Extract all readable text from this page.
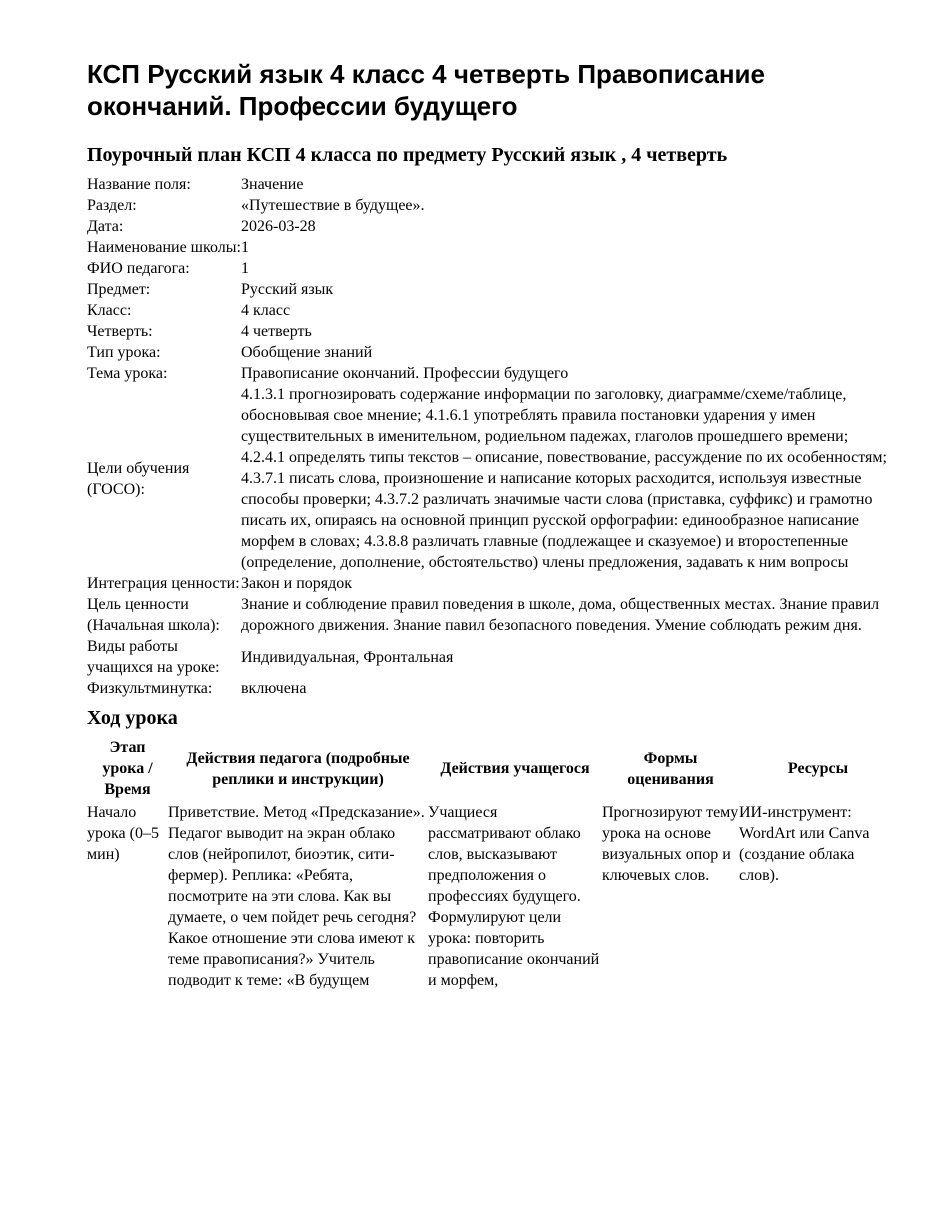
КСП Русский язык 4 класс 4 четверть Правописание окончаний. Профессии будущего
Поурочный план КСП 4 класса по предмету Русский язык , 4 четверть
Название поля:	Значение
Раздел:	«Путешествие в будущее».
Дата:	2026-03-28
Наименование школы:	1
ФИО педагога:	1
Предмет:	Русский язык
Класс:	4 класс
Четверть:	4 четверть
Тип урока:	Обобщение знаний
Тема урока:	Правописание окончаний. Профессии будущего
Цели обучения (ГОСО):	4.1.3.1 прогнозировать содержание информации по заголовку, диаграмме/схеме/таблице, обосновывая свое мнение; 4.1.6.1 употреблять правила постановки ударения у имен существительных в именительном, родиельном падежах, глаголов прошедшего времени; 4.2.4.1 определять типы текстов – описание, повествование, рассуждение по их особенностям; 4.3.7.1 писать слова, произношение и написание которых расходится, используя известные способы проверки; 4.3.7.2 различать значимые части слова (приставка, суффикс) и грамотно писать их, опираясь на основной принцип русской орфографии: единообразное написание морфем в словах; 4.3.8.8 различать главные (подлежащее и сказуемое) и второстепенные (определение, дополнение, обстоятельство) члены предложения, задавать к ним вопросы
Интеграция ценности:	Закон и порядок
Цель ценности (Начальная школа):	Знание и соблюдение правил поведения в школе, дома, общественных местах. Знание правил дорожного движения. Знание павил безопасного поведения. Умение соблюдать режим дня.
Виды работы учащихся на уроке:	Индивидуальная, Фронтальная
Физкультминутка:	включена
Ход урока
Этап урока / Время	Действия педагога (подробные реплики и инструкции)	Действия учащегося	Формы оценивания	Ресурсы
Начало урока (0–5 мин)	Приветствие. Метод «Предсказание». Педагог выводит на экран облако слов (нейропилот, биоэтик, сити-фермер). Реплика: «Ребята, посмотрите на эти слова. Как вы думаете, о чем пойдет речь сегодня? Какое отношение эти слова имеют к теме правописания?» Учитель подводит к теме: «В будущем	Учащиеся рассматривают облако слов, высказывают предположения о профессиях будущего. Формулируют цели урока: повторить правописание окончаний и морфем,	Прогнозируют тему урока на основе визуальных опор и ключевых слов.	ИИ-инструмент: WordArt или Canva (создание облака слов).
